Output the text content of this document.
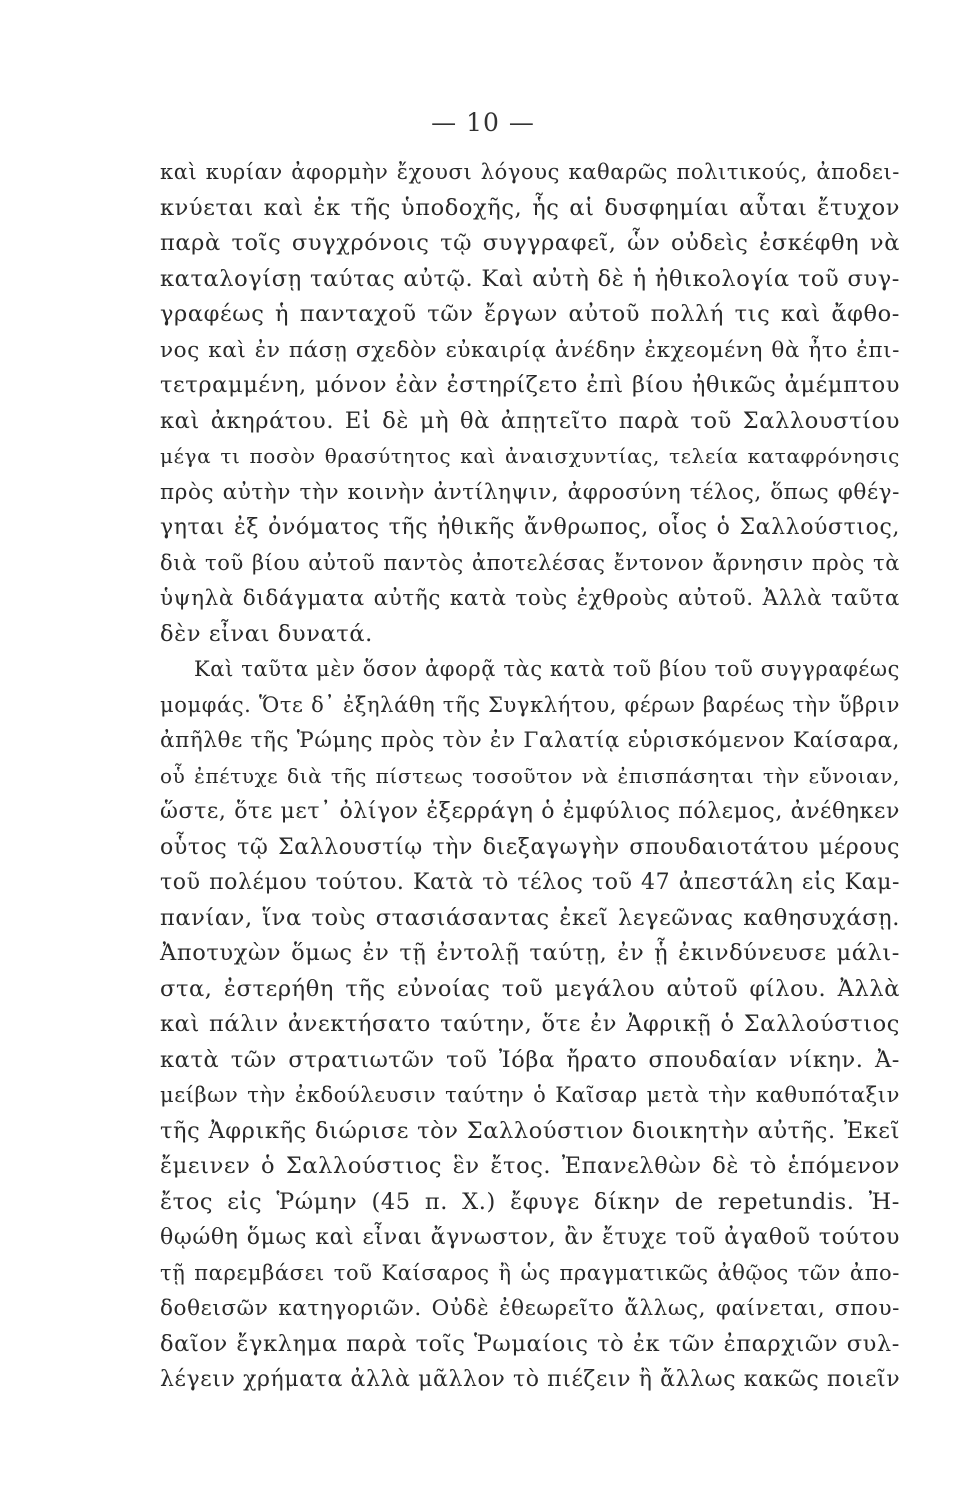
— 10 —
καὶ κυρίαν ἀφορμὴν ἔχουσι λόγους καθαρῶς πολιτικούς, ἀποδει-
κνύεται καὶ ἐκ τῆς ὑποδοχῆς, ἧς αἱ δυσφημίαι αὗται ἔτυχον
παρὰ τοῖς συγχρόνοις τῷ συγγραφεῖ, ὧν οὐδεὶς ἐσκέφθη νὰ
καταλογίσῃ ταύτας αὐτῷ. Καὶ αὐτὴ δὲ ἡ ἠθικολογία τοῦ συγ-
γραφέως ἡ πανταχοῦ τῶν ἔργων αὐτοῦ πολλή τις καὶ ἄφθο-
νος καὶ ἐν πάσῃ σχεδὸν εὐκαιρίᾳ ἀνέδην ἐκχεομένη θὰ ἦτο ἐπι-
τετραμμένη, μόνον ἐὰν ἐστηρίζετο ἐπὶ βίου ἠθικῶς ἀμέμπτου
καὶ ἀκηράτου. Εἰ δὲ μὴ θὰ ἀπῃτεῖτο παρὰ τοῦ Σαλλουστίου
μέγα τι ποσὸν θρασύτητος καὶ ἀναισχυντίας, τελεία καταφρόνησις
πρὸς αὐτὴν τὴν κοινὴν ἀντίληψιν, ἀφροσύνη τέλος, ὅπως φθέγ-
γηται ἐξ ὀνόματος τῆς ἠθικῆς ἄνθρωπος, οἷος ὁ Σαλλούστιος,
διὰ τοῦ βίου αὐτοῦ παντὸς ἀποτελέσας ἔντονον ἄρνησιν πρὸς τὰ
ὑψηλὰ διδάγματα αὐτῆς κατὰ τοὺς ἐχθροὺς αὐτοῦ. Ἀλλὰ ταῦτα
δὲν εἶναι δυνατά.
Καὶ ταῦτα μὲν ὅσον ἀφορᾷ τὰς κατὰ τοῦ βίου τοῦ συγγραφέως
μομφάς. Ὅτε δ᾽ ἐξηλάθη τῆς Συγκλήτου, φέρων βαρέως τὴν ὕβριν
ἀπῆλθε τῆς Ῥώμης πρὸς τὸν ἐν Γαλατίᾳ εὑρισκόμενον Καίσαρα,
οὗ ἐπέτυχε διὰ τῆς πίστεως τοσοῦτον νὰ ἐπισπάσηται τὴν εὔνοιαν,
ὥστε, ὅτε μετ᾽ ὀλίγον ἐξερράγη ὁ ἐμφύλιος πόλεμος, ἀνέθηκεν
οὗτος τῷ Σαλλουστίῳ τὴν διεξαγωγὴν σπουδαιοτάτου μέρους
τοῦ πολέμου τούτου. Κατὰ τὸ τέλος τοῦ 47 ἀπεστάλη εἰς Καμ-
πανίαν, ἵνα τοὺς στασιάσαντας ἐκεῖ λεγεῶνας καθησυχάσῃ.
Ἀποτυχὼν ὅμως ἐν τῇ ἐντολῇ ταύτῃ, ἐν ᾗ ἐκινδύνευσε μάλι-
στα, ἐστερήθη τῆς εὐνοίας τοῦ μεγάλου αὐτοῦ φίλου. Ἀλλὰ
καὶ πάλιν ἀνεκτήσατο ταύτην, ὅτε ἐν Ἀφρικῇ ὁ Σαλλούστιος
κατὰ τῶν στρατιωτῶν τοῦ Ἰόβα ἤρατο σπουδαίαν νίκην. Ἀ-
μείβων τὴν ἐκδούλευσιν ταύτην ὁ Καῖσαρ μετὰ τὴν καθυπόταξιν
τῆς Ἀφρικῆς διώρισε τὸν Σαλλούστιον διοικητὴν αὐτῆς. Ἐκεῖ
ἔμεινεν ὁ Σαλλούστιος ἓν ἔτος. Ἐπανελθὼν δὲ τὸ ἑπόμενον
ἔτος εἰς Ῥώμην (45 π. Χ.) ἔφυγε δίκην de repetundis. Ἠ-
θῳώθη ὅμως καὶ εἶναι ἄγνωστον, ἂν ἔτυχε τοῦ ἀγαθοῦ τούτου
τῇ παρεμβάσει τοῦ Καίσαρος ἢ ὡς πραγματικῶς ἀθῷος τῶν ἀπο-
δοθεισῶν κατηγοριῶν. Οὐδὲ ἐθεωρεῖτο ἄλλως, φαίνεται, σπου-
δαῖον ἔγκλημα παρὰ τοῖς Ῥωμαίοις τὸ ἐκ τῶν ἐπαρχιῶν συλ-
λέγειν χρήματα ἀλλὰ μᾶλλον τὸ πιέζειν ἢ ἄλλως κακῶς ποιεῖν
